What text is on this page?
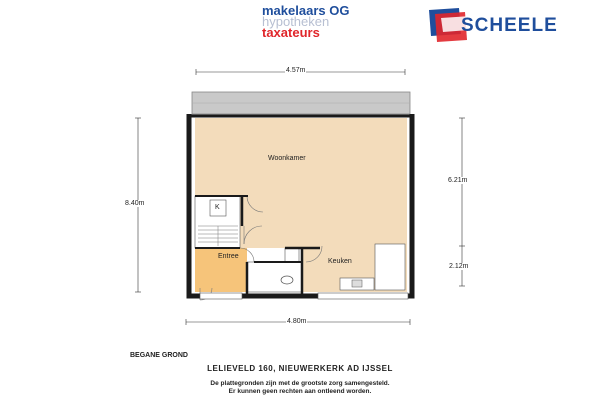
makelaars OG
hypotheken
taxateurs	SCHEELE
4.57m
4.80m
8.40m
6.21m
2.12m
Woonkamer
K
Entree
Keuken
BEGANE GROND
LELIEVELD 160, NIEUWERKERK AD IJSSEL
De plattegronden zijn met de grootste zorg samengesteld.
Er kunnen geen rechten aan ontleend worden.
